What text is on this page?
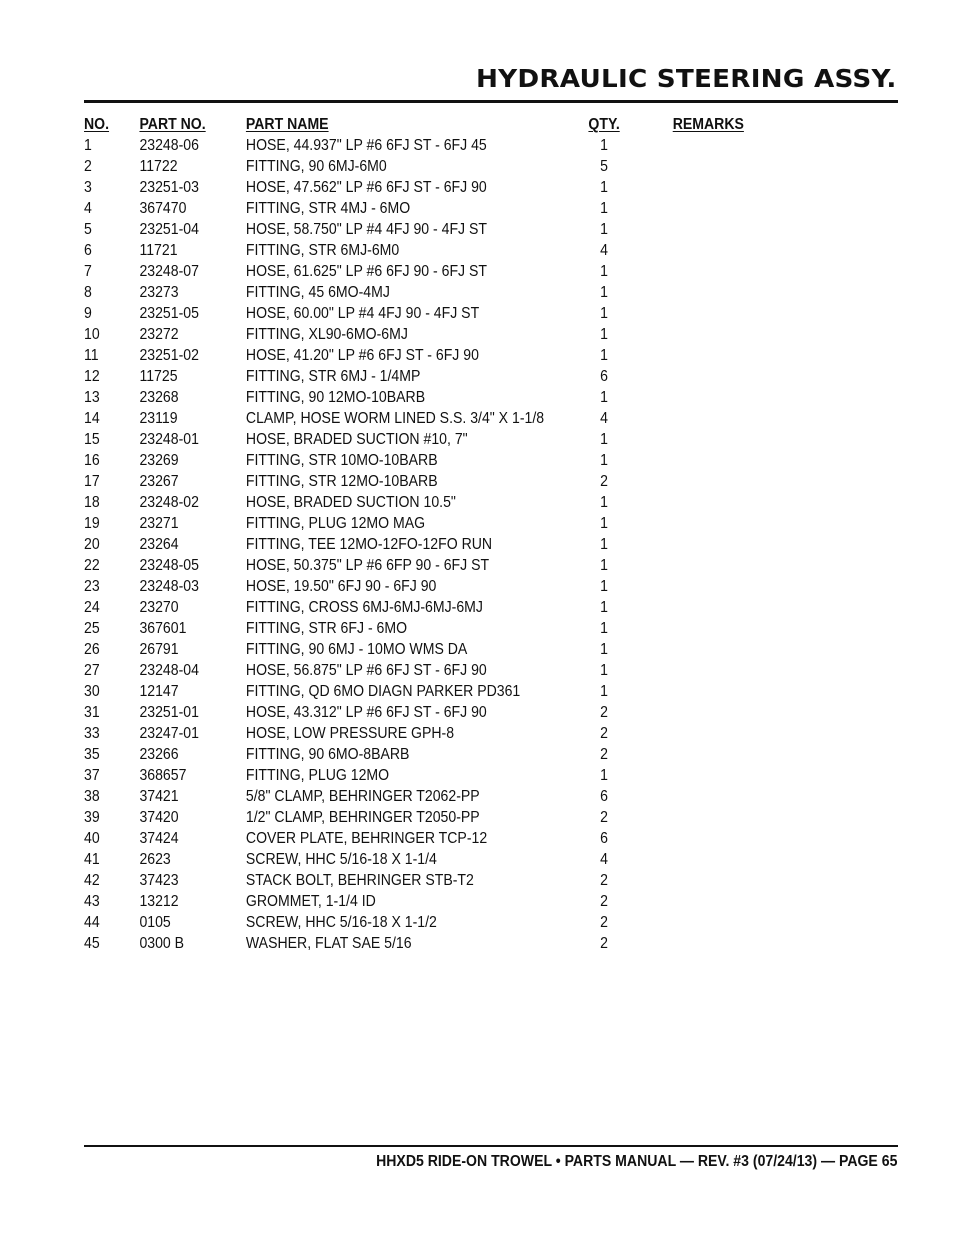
HYDRAULIC STEERING ASSY.
NO. PART NO.	PART NAME	QTY.	REMARKS
1	23248-06	HOSE, 44.937" LP #6 6FJ ST - 6FJ 45	1
2	11722	FITTING, 90 6MJ-6M0	5
3	23251-03	HOSE, 47.562" LP #6 6FJ ST - 6FJ 90	1
4	367470	FITTING, STR 4MJ - 6MO	1
5	23251-04	HOSE, 58.750" LP #4 4FJ 90 - 4FJ ST	1
6	11721	FITTING, STR 6MJ-6M0	4
7	23248-07	HOSE, 61.625" LP #6 6FJ 90 - 6FJ ST	1
8	23273	FITTING, 45 6MO-4MJ	1
9	23251-05	HOSE, 60.00" LP #4 4FJ 90 - 4FJ ST	1
10 23272	FITTING, XL90-6MO-6MJ	1
11	23251-02	HOSE, 41.20" LP #6 6FJ ST - 6FJ 90	1
12 11725	FITTING, STR 6MJ - 1/4MP	6
13 23268	FITTING, 90 12MO-10BARB	1
14 23119	CLAMP, HOSE WORM LINED S.S. 3/4" X 1-1/8	4
15 23248-01	HOSE, BRADED SUCTION #10, 7"	1
16 23269	FITTING, STR 10MO-10BARB	1
17 23267	FITTING, STR 12MO-10BARB	2
18 23248-02	HOSE, BRADED SUCTION 10.5"	1
19 23271	FITTING, PLUG 12MO MAG	1
20 23264	FITTING, TEE 12MO-12FO-12FO RUN	1
22 23248-05	HOSE, 50.375" LP #6 6FP 90 - 6FJ ST	1
23 23248-03	HOSE, 19.50" 6FJ 90 - 6FJ 90	1
24 23270	FITTING, CROSS 6MJ-6MJ-6MJ-6MJ	1
25 367601	FITTING, STR 6FJ - 6MO	1
26 26791	FITTING, 90 6MJ - 10MO WMS DA	1
27 23248-04	HOSE, 56.875" LP #6 6FJ ST - 6FJ 90	1
30 12147	FITTING, QD 6MO DIAGN PARKER PD361	1
31 23251-01	HOSE, 43.312" LP #6 6FJ ST - 6FJ 90	2
33 23247-01	HOSE, LOW PRESSURE GPH-8	2
35 23266	FITTING, 90 6MO-8BARB	2
37 368657	FITTING, PLUG 12MO	1
38 37421	5/8" CLAMP, BEHRINGER T2062-PP	6
39 37420	1/2" CLAMP, BEHRINGER T2050-PP	2
40 37424	COVER PLATE, BEHRINGER TCP-12	6
41 2623	SCREW, HHC 5/16-18 X 1-1/4	4
42 37423	STACK BOLT, BEHRINGER STB-T2	2
43 13212	GROMMET, 1-1/4 ID	2
44 0105	SCREW, HHC 5/16-18 X 1-1/2	2
45 0300 B	WASHER, FLAT SAE 5/16	2
HHXD5 RIDE-ON TROWEL • PARTS MANUAL — REV. #3 (07/24/13) — PAGE 65
